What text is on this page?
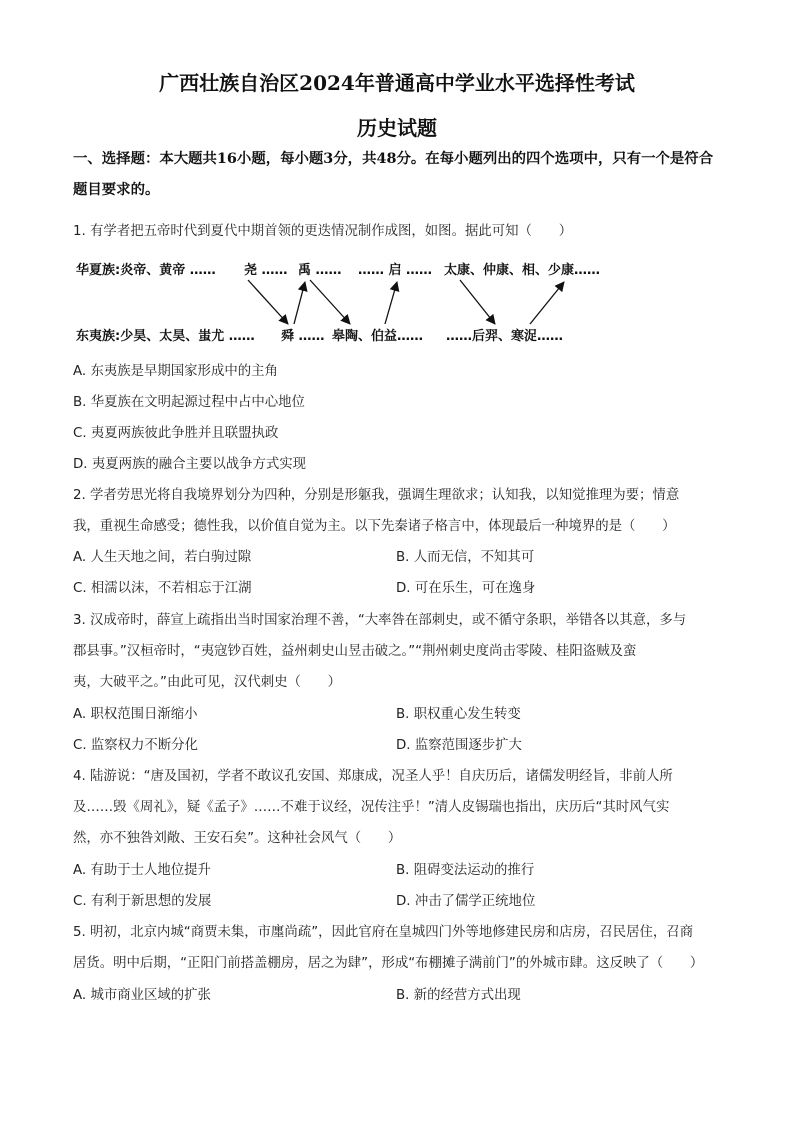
广西壮族自治区2024年普通高中学业水平选择性考试
历史试题
一、选择题：本大题共16小题，每小题3分，共48分。在每小题列出的四个选项中，只有一个是符合题目要求的。
1. 有学者把五帝时代到夏代中期首领的更迭情况制作成图，如图。据此可知（　　）
华夏族:炎帝、黄帝 …… 尧 …… 禹 …… …… 启 …… 太康、仲康、相、少康……
东夷族:少昊、太昊、蚩尤 …… 舜 …… 皋陶、伯益…… ……后羿、寒浞……
A. 东夷族是早期国家形成中的主角
B. 华夏族在文明起源过程中占中心地位
C. 夷夏两族彼此争胜并且联盟执政
D. 夷夏两族的融合主要以战争方式实现
2. 学者劳思光将自我境界划分为四种，分别是形躯我，强调生理欲求；认知我，以知觉推理为要；情意
我，重视生命感受；德性我，以价值自觉为主。以下先秦诸子格言中，体现最后一种境界的是（　　）
A. 人生天地之间，若白驹过隙	B. 人而无信，不知其可
C. 相濡以沫，不若相忘于江湖	D. 可在乐生，可在逸身
3. 汉成帝时，薛宣上疏指出当时国家治理不善，“大率咎在部刺史，或不循守条职，举错各以其意，多与
郡县事。”汉桓帝时，“夷寇钞百姓，益州刺史山昱击破之。”“荆州刺史度尚击零陵、桂阳盗贼及蛮
夷，大破平之。”由此可见，汉代刺史（　　）
A. 职权范围日渐缩小	B. 职权重心发生转变
C. 监察权力不断分化	D. 监察范围逐步扩大
4. 陆游说：“唐及国初，学者不敢议孔安国、郑康成，况圣人乎！自庆历后，诸儒发明经旨，非前人所
及……毁《周礼》，疑《孟子》……不难于议经，况传注乎！”清人皮锡瑞也指出，庆历后“其时风气实
然，亦不独咎刘敞、王安石矣”。这种社会风气（　　）
A. 有助于士人地位提升	B. 阻碍变法运动的推行
C. 有利于新思想的发展	D. 冲击了儒学正统地位
5. 明初，北京内城“商贾未集，市廛尚疏”，因此官府在皇城四门外等地修建民房和店房，召民居住，召商
居货。明中后期，“正阳门前搭盖棚房，居之为肆”，形成“布棚摊子满前门”的外城市肆。这反映了（　　）
A. 城市商业区域的扩张	B. 新的经营方式出现
